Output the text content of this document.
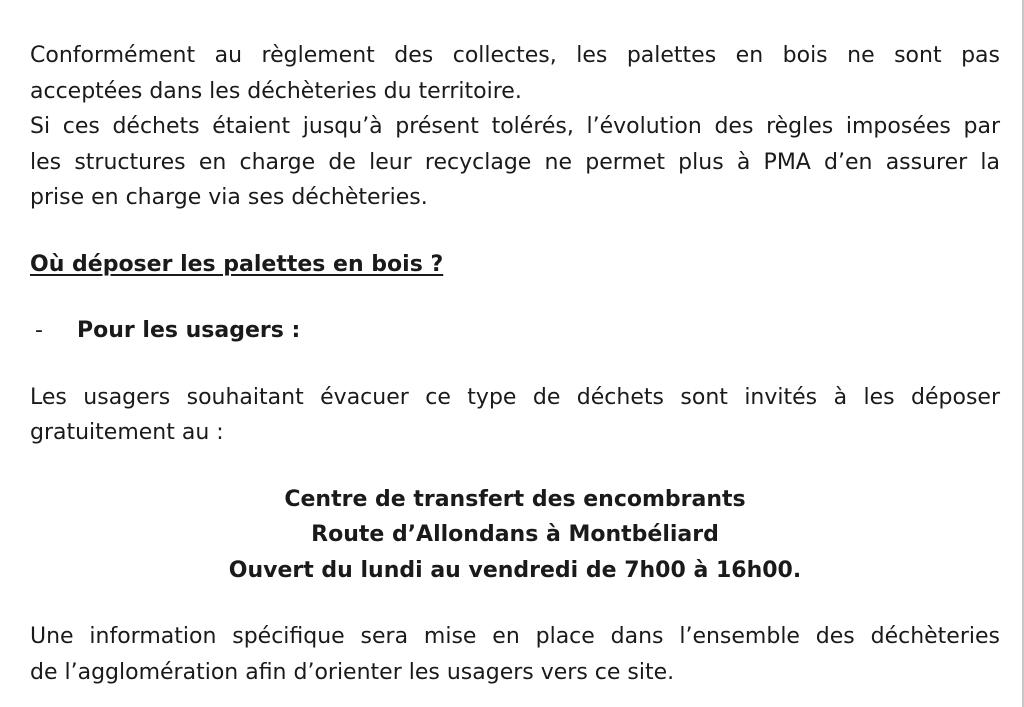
Conformément au règlement des collectes, les palettes en bois ne sont pas
acceptées dans les déchèteries du territoire.

Si ces déchets étaient jusqu’à présent tolérés, l’évolution des règles imposées par
les structures en charge de leur recyclage ne permet plus à PMA d’en assurer la
prise en charge via ses déchèteries.

Où déposer les palettes en bois ?

-	Pour les usagers :

Les usagers souhaitant évacuer ce type de déchets sont invités à les déposer
gratuitement au :

Centre de transfert des encombrants
Route d’Allondans à Montbéliard
Ouvert du lundi au vendredi de 7h00 à 16h00.

Une information spécifique sera mise en place dans l’ensemble des déchèteries
de l’agglomération afin d’orienter les usagers vers ce site.
